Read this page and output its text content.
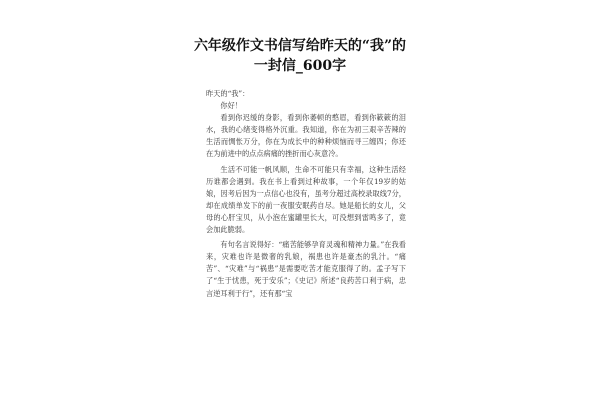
六年级作文书信写给昨天的“我”的一封信_600字

昨天的“我”：

你好！

看到你迟缓的身影，看到你萎顿的憨眉，看到你簌簌的泪水，我的心绪变得格外沉重。我知道，你在为初三艰辛苦辣的生活而惆怅万分，你在为成长中的种种烦恼而寻三缠四；你还在为前进中的点点病痛的挫折而心灰意冷。

生活不可能一帆风顺，生命不可能只有幸福，这种生活经历谁都会遇到。我在书上看到过种故事，一个年仅19岁的姑娘，因考后因为一点信心也没有，虽考分超过高校录取线7分，却在成绩单发下的前一夜服安眠药自尽。她是船长的女儿，父母的心肝宝贝，从小泡在蜜罐里长大，可没想到雷鸣多了，竟会加此脆弱。

有句名言说得好：“痛苦能够孕育灵魂和精神力量。”在我看来，灾难也许是微奢的乳娘，祸患也许是豪杰的乳汁。“痛苦”、“灾难”与“祸患”是需要吃苦才能克服得了的。孟子写下了“生于忧患，死于安乐”；《史记》所述“良药苦口利于病，忠言逆耳利于行”，还有那“宝
